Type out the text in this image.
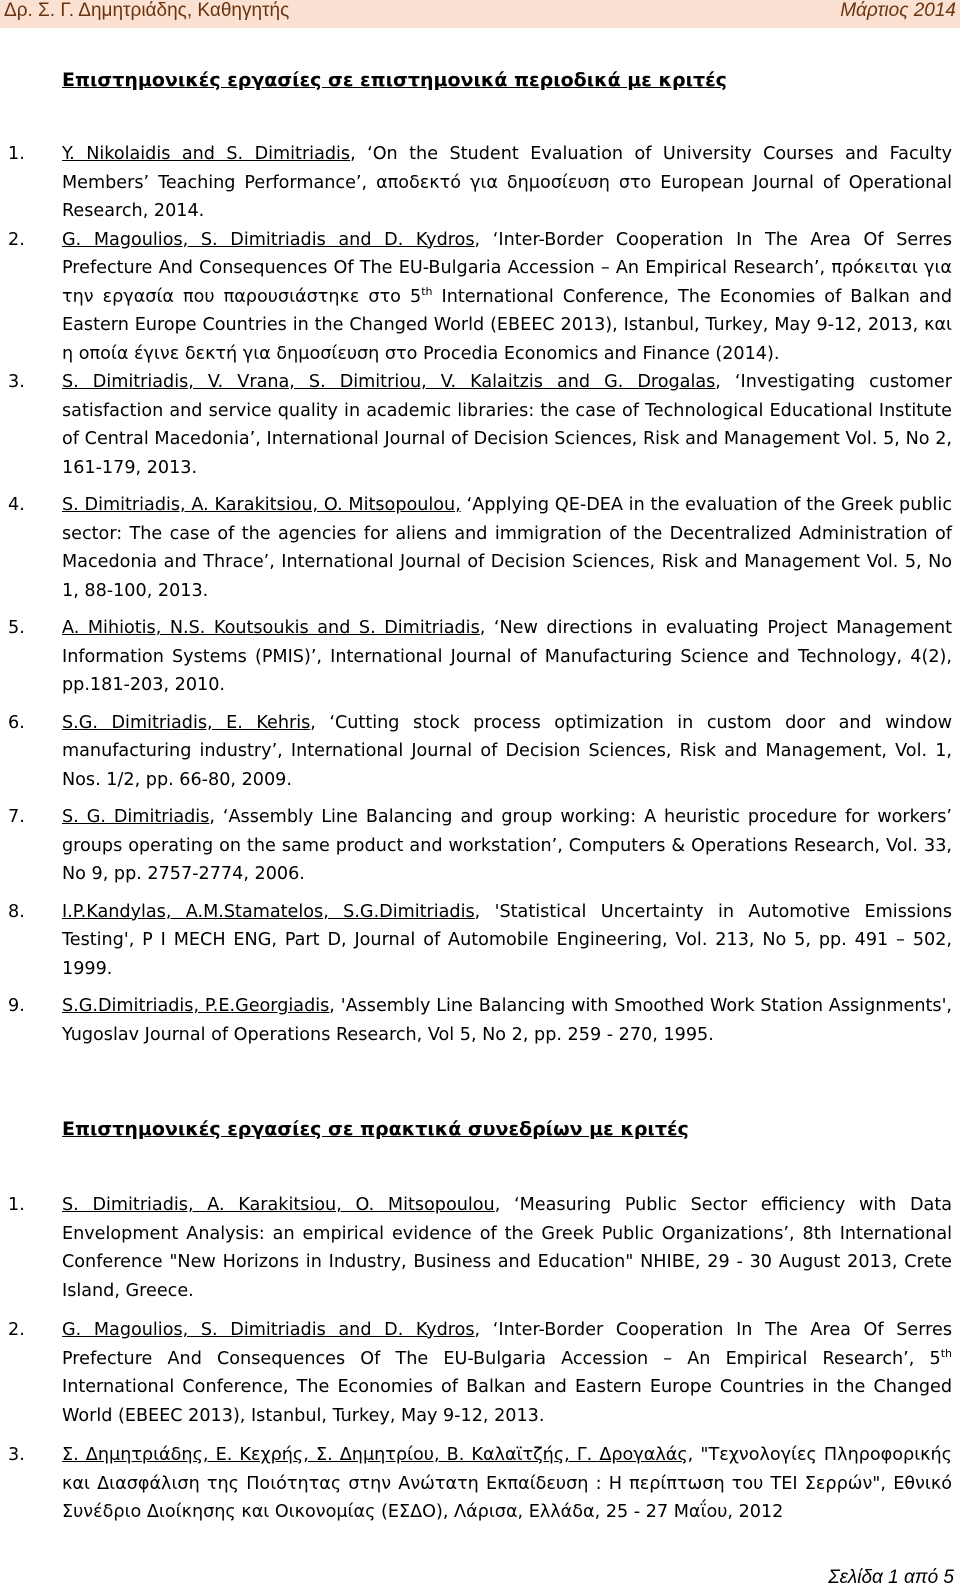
Δρ. Σ. Γ. Δημητριάδης, Καθηγητής	Μάρτιος 2014
Επιστημονικές εργασίες σε επιστημονικά περιοδικά με κριτές
1. Y. Nikolaidis and S. Dimitriadis, ‘On the Student Evaluation of University Courses and Faculty Members’ Teaching Performance’, αποδεκτό για δημοσίευση στο European Journal of Operational Research, 2014.
2. G. Magoulios, S. Dimitriadis and D. Kydros, ‘Inter-Border Cooperation In The Area Of Serres Prefecture And Consequences Of The EU-Bulgaria Accession – An Empirical Research’, πρόκειται για την εργασία που παρουσιάστηκε στο 5th International Conference, The Economies of Balkan and Eastern Europe Countries in the Changed World (EBEEC 2013), Istanbul, Turkey, May 9-12, 2013, και η οποία έγινε δεκτή για δημοσίευση στο Procedia Economics and Finance (2014).
3. S. Dimitriadis, V. Vrana, S. Dimitriou, V. Kalaitzis and G. Drogalas, ‘Investigating customer satisfaction and service quality in academic libraries: the case of Technological Educational Institute of Central Macedonia’, International Journal of Decision Sciences, Risk and Management Vol. 5, No 2, 161-179, 2013.
4. S. Dimitriadis, A. Karakitsiou, O. Mitsopoulou, ‘Applying QE-DEA in the evaluation of the Greek public sector: The case of the agencies for aliens and immigration of the Decentralized Administration of Macedonia and Thrace’, International Journal of Decision Sciences, Risk and Management Vol. 5, No 1, 88-100, 2013.
5. A. Mihiotis, N.S. Koutsoukis and S. Dimitriadis, ‘New directions in evaluating Project Management Information Systems (PMIS)’, International Journal of Manufacturing Science and Technology, 4(2), pp.181-203, 2010.
6. S.G. Dimitriadis, E. Kehris, ‘Cutting stock process optimization in custom door and window manufacturing industry’, International Journal of Decision Sciences, Risk and Management, Vol. 1, Nos. 1/2, pp. 66-80, 2009.
7. S. G. Dimitriadis, ‘Assembly Line Balancing and group working: A heuristic procedure for workers’ groups operating on the same product and workstation’, Computers & Operations Research, Vol. 33, No 9, pp. 2757-2774, 2006.
8. I.P.Kandylas, A.M.Stamatelos, S.G.Dimitriadis, 'Statistical Uncertainty in Automotive Emissions Testing', P I MECH ENG, Part D, Journal of Automobile Engineering, Vol. 213, No 5, pp. 491 – 502, 1999.
9. S.G.Dimitriadis, P.E.Georgiadis, 'Assembly Line Balancing with Smoothed Work Station Assignments', Yugoslav Journal of Operations Research, Vol 5, No 2, pp. 259 - 270, 1995.
Επιστημονικές εργασίες σε πρακτικά συνεδρίων με κριτές
1. S. Dimitriadis, A. Karakitsiou, O. Mitsopoulou, ‘Measuring Public Sector efficiency with Data Envelopment Analysis: an empirical evidence of the Greek Public Organizations’, 8th International Conference "New Horizons in Industry, Business and Education" NHIBE, 29 - 30 August 2013, Crete Island, Greece.
2. G. Magoulios, S. Dimitriadis and D. Kydros, ‘Inter-Border Cooperation In The Area Of Serres Prefecture And Consequences Of The EU-Bulgaria Accession – An Empirical Research’, 5th International Conference, The Economies of Balkan and Eastern Europe Countries in the Changed World (EBEEC 2013), Istanbul, Turkey, May 9-12, 2013.
3. Σ. Δημητριάδης, Ε. Κεχρής, Σ. Δημητρίου, Β. Καλαϊτζής, Γ. Δρογαλάς, "Τεχνολογίες Πληροφορικής και Διασφάλιση της Ποιότητας στην Ανώτατη Εκπαίδευση : Η περίπτωση του ΤΕΙ Σερρών", Εθνικό Συνέδριο Διοίκησης και Οικονομίας (ΕΣΔΟ), Λάρισα, Ελλάδα, 25 - 27 Μαΐου, 2012
Σελίδα 1 από 5
